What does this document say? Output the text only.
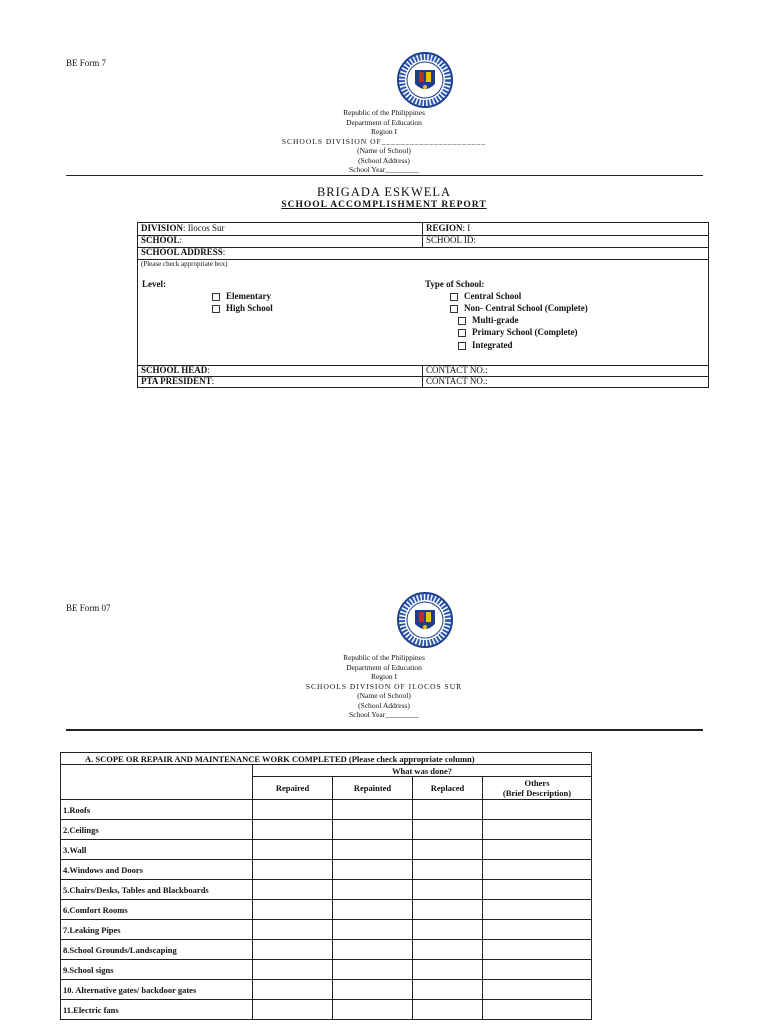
BE Form 7
Republic of the Philippines
Department of Education
Region I
SCHOOLS DIVISION OF______________________
(Name of School)
(School Address)
School Year_________
BRIGADA ESKWELA
SCHOOL ACCOMPLISHMENT REPORT
DIVISION: Ilocos Sur	REGION: I
SCHOOL:	SCHOOL ID:
SCHOOL ADDRESS:
(Please check appropriate box)
Level:
Elementary
High School
Type of School:
Central School
Non- Central School (Complete)
Multi-grade
Primary School (Complete)
Integrated
SCHOOL HEAD:	CONTACT NO.:
PTA PRESIDENT:	CONTACT NO.:
BE Form 07
Republic of the Philippines
Department of Education
Region I
SCHOOLS DIVISION OF ILOCOS SUR
(Name of School)
(School Address)
School Year_________
A. SCOPE OR REPAIR AND MAINTENANCE WORK COMPLETED (Please check appropriate column)				
	What was done?			
	Repaired	Repainted	Replaced	Others
(Brief Description)
1.Roofs				
2.Ceilings				
3.Wall				
4.Windows and Doors				
5.Chairs/Desks, Tables and Blackboards				
6.Comfort Rooms				
7.Leaking Pipes				
8.School Grounds/Landscaping				
9.School signs				
10. Alternative gates/ backdoor gates				
11.Electric fans				
